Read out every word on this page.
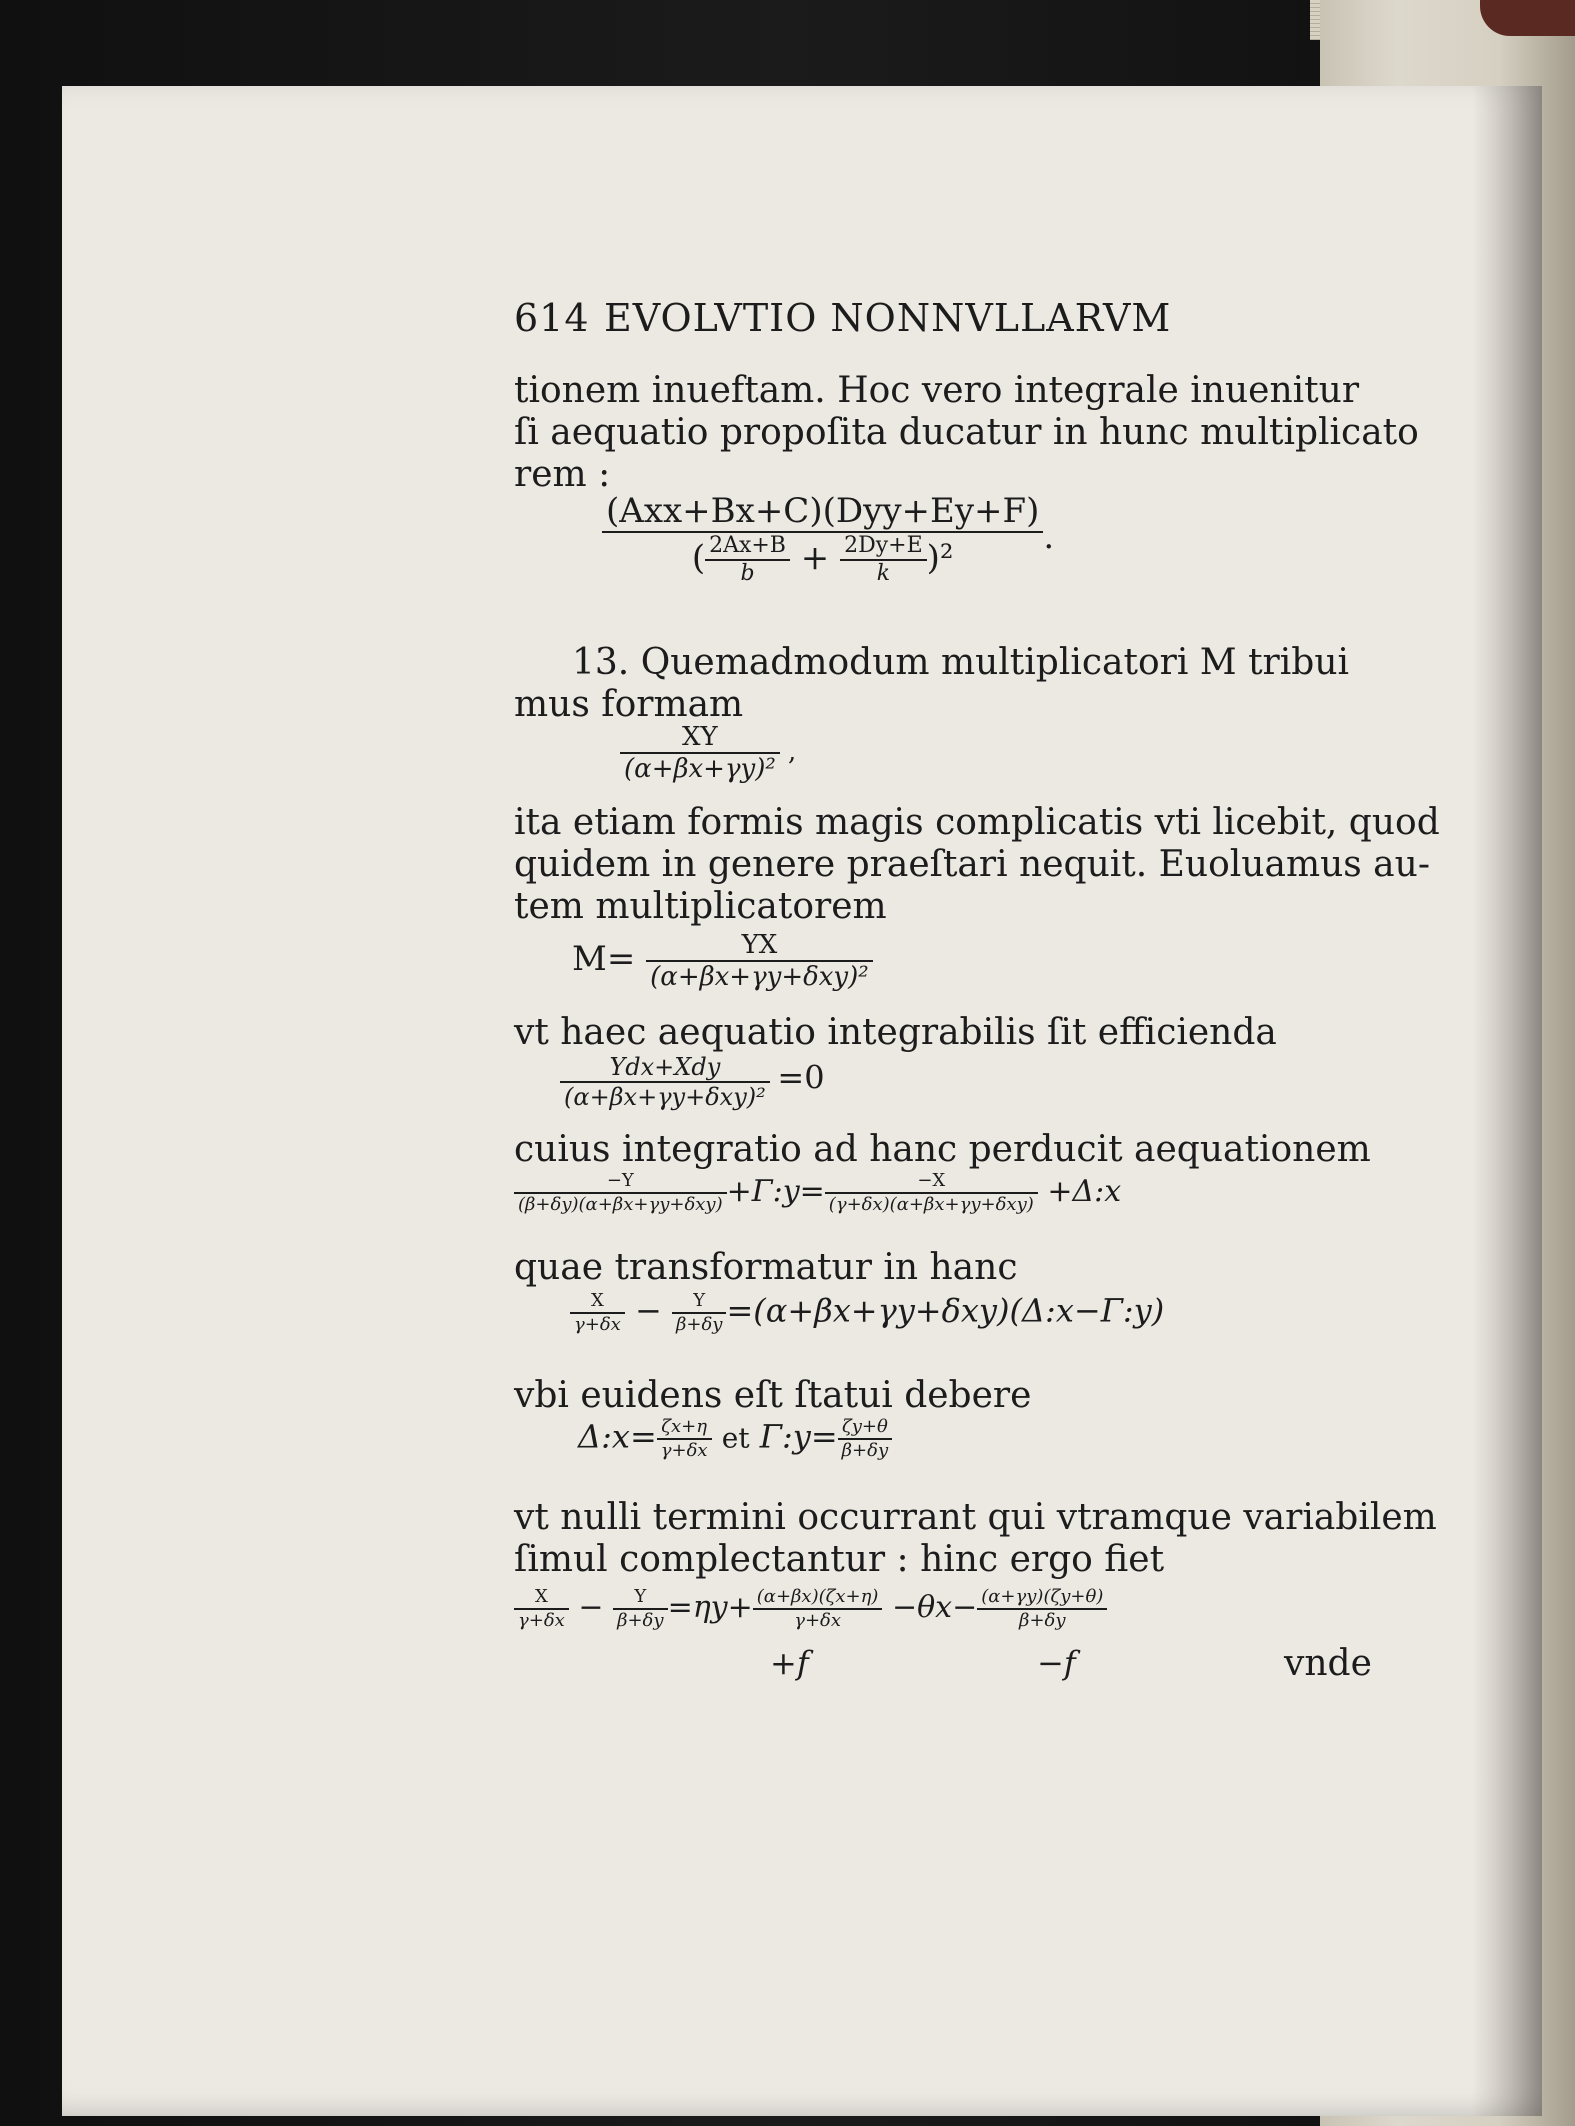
614 EVOLVTIO NONNVLLARVM
tionem inueftam. Hoc vero integrale inuenitur
ſi aequatio propoſita ducatur in hunc multiplicato
rem :
$\frac{\text{(Axx+Bx+C)(Dyy+Ey+F)}}{( \frac{2Ax+B}{b} + \frac{2Dy+E}{k} )^2}$ .
13. Quemadmodum multiplicatori M tribui
mus formam
$\frac{XY}{\text{(α+βx+γy)²}}$ ,
ita etiam formis magis complicatis vti licebit, quod
quidem in genere praeſtari nequit. Euoluamus au-
tem multiplicatorem
$M= \frac{YX}{\text{(α+βx+γy+δxy)²}}$
vt haec aequatio integrabilis ſit efficienda
$\frac{\text{Ydx+Xdy}}{\text{(α+βx+γy+δxy)²}} =0$
cuius integratio ad hanc perducit aequationem
$\frac{-Y}{\text{(β+δy)(α+βx+γy+δxy)}}$ +Γ:y= $\frac{-X}{\text{(γ+δx)(α+βx+γy+δxy)}}$ +Δ:x
quae transformatur in hanc
$\frac{X}{\gamma+\delta x} - \frac{Y}{\beta+\delta y}$ =(α+βx+γy+δxy)(Δ:x−Γ:y)
vbi euidens eſt ſtatui debere
Δ:x= $\frac{\zeta x+\eta}{\gamma+\delta x}$ et Γ:y= $\frac{\zeta y+\theta}{\beta+\delta y}$
vt nulli termini occurrant qui vtramque variabilem
ſimul complectantur : hinc ergo fiet
$\frac{X}{\gamma+\delta x} - \frac{Y}{\beta+\delta y} =\eta y+ \frac{(\alpha+\beta x)(\zeta x+\eta)}{\gamma+\delta x} -\theta x- \frac{(\alpha+\gamma y)(\zeta y+\theta)}{\beta+\delta y}$
+f	−f	vnde
